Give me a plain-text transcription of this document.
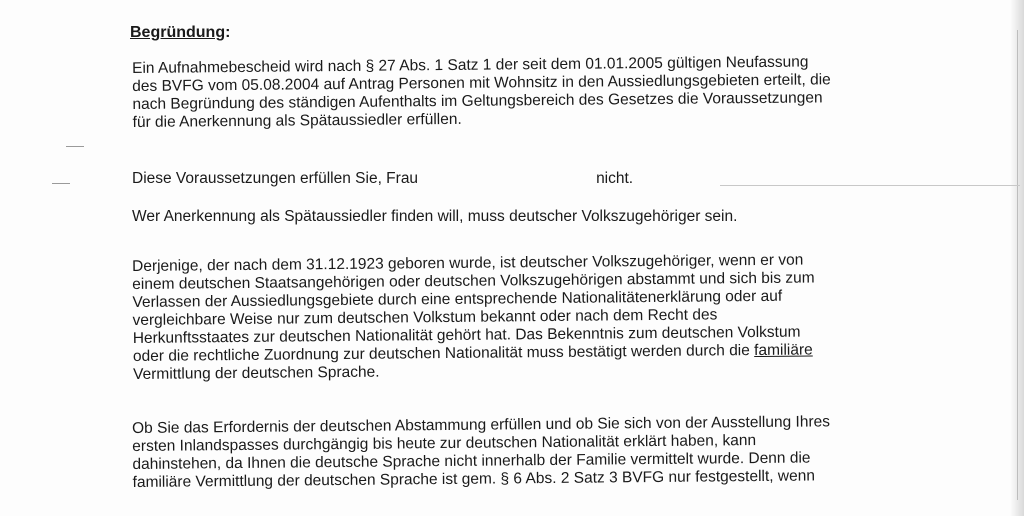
Begründung:
Ein Aufnahmebescheid wird nach § 27 Abs. 1 Satz 1 der seit dem 01.01.2005 gültigen Neufassung
des BVFG vom 05.08.2004 auf Antrag Personen mit Wohnsitz in den Aussiedlungsgebieten erteilt, die
nach Begründung des ständigen Aufenthalts im Geltungsbereich des Gesetzes die Voraussetzungen
für die Anerkennung als Spätaussiedler erfüllen.
Diese Voraussetzungen erfüllen Sie, Frau	nicht.
Wer Anerkennung als Spätaussiedler finden will, muss deutscher Volkszugehöriger sein.
Derjenige, der nach dem 31.12.1923 geboren wurde, ist deutscher Volkszugehöriger, wenn er von
einem deutschen Staatsangehörigen oder deutschen Volkszugehörigen abstammt und sich bis zum
Verlassen der Aussiedlungsgebiete durch eine entsprechende Nationalitätenerklärung oder auf
vergleichbare Weise nur zum deutschen Volkstum bekannt oder nach dem Recht des
Herkunftsstaates zur deutschen Nationalität gehört hat. Das Bekenntnis zum deutschen Volkstum
oder die rechtliche Zuordnung zur deutschen Nationalität muss bestätigt werden durch die familiäre
Vermittlung der deutschen Sprache.
Ob Sie das Erfordernis der deutschen Abstammung erfüllen und ob Sie sich von der Ausstellung Ihres
ersten Inlandspasses durchgängig bis heute zur deutschen Nationalität erklärt haben, kann
dahinstehen, da Ihnen die deutsche Sprache nicht innerhalb der Familie vermittelt wurde. Denn die
familiäre Vermittlung der deutschen Sprache ist gem. § 6 Abs. 2 Satz 3 BVFG nur festgestellt, wenn
